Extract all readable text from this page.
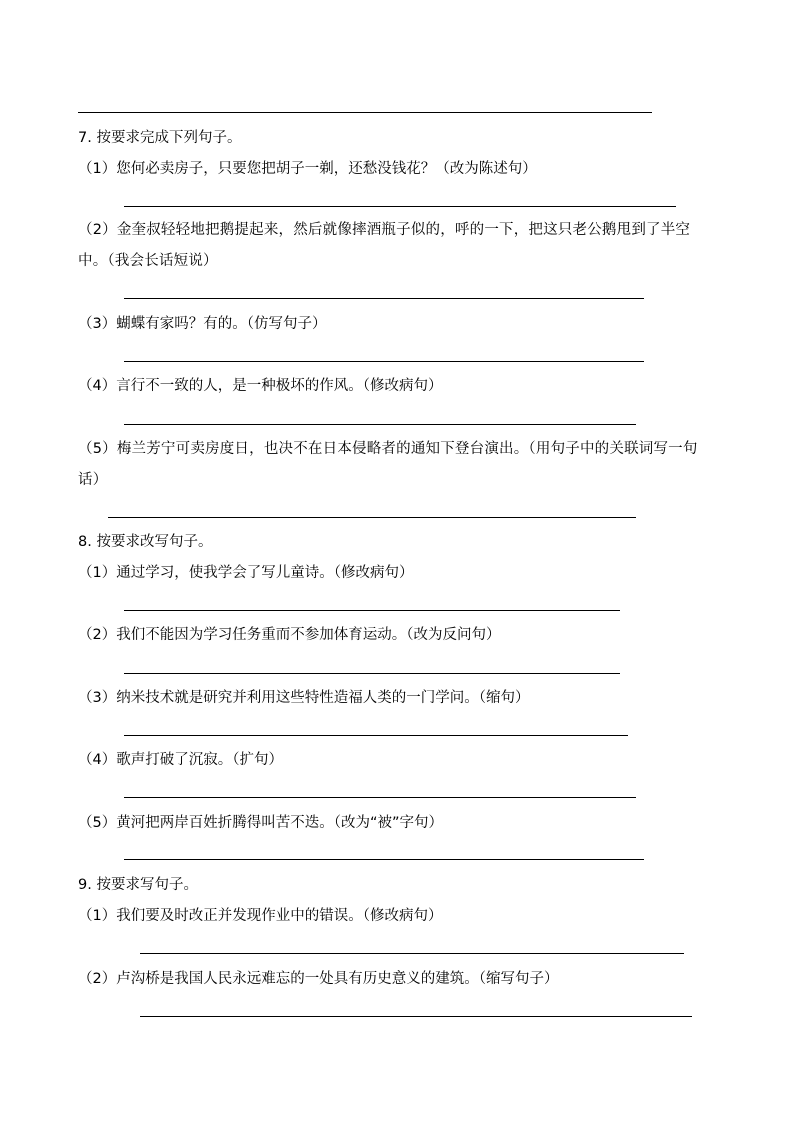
7. 按要求完成下列句子。
（1）您何必卖房子，只要您把胡子一剃，还愁没钱花？（改为陈述句）
（2）金奎叔轻轻地把鹅提起来，然后就像摔酒瓶子似的，呼的一下，把这只老公鹅甩到了半空中。（我会长话短说）
（3）蝴蝶有家吗？有的。（仿写句子）
（4）言行不一致的人，是一种极坏的作风。（修改病句）
（5）梅兰芳宁可卖房度日，也决不在日本侵略者的通知下登台演出。（用句子中的关联词写一句话）
8. 按要求改写句子。
（1）通过学习，使我学会了写儿童诗。（修改病句）
（2）我们不能因为学习任务重而不参加体育运动。（改为反问句）
（3）纳米技术就是研究并利用这些特性造福人类的一门学问。（缩句）
（4）歌声打破了沉寂。（扩句）
（5）黄河把两岸百姓折腾得叫苦不迭。（改为“被”字句）
9. 按要求写句子。
（1）我们要及时改正并发现作业中的错误。（修改病句）
（2）卢沟桥是我国人民永远难忘的一处具有历史意义的建筑。（缩写句子）
